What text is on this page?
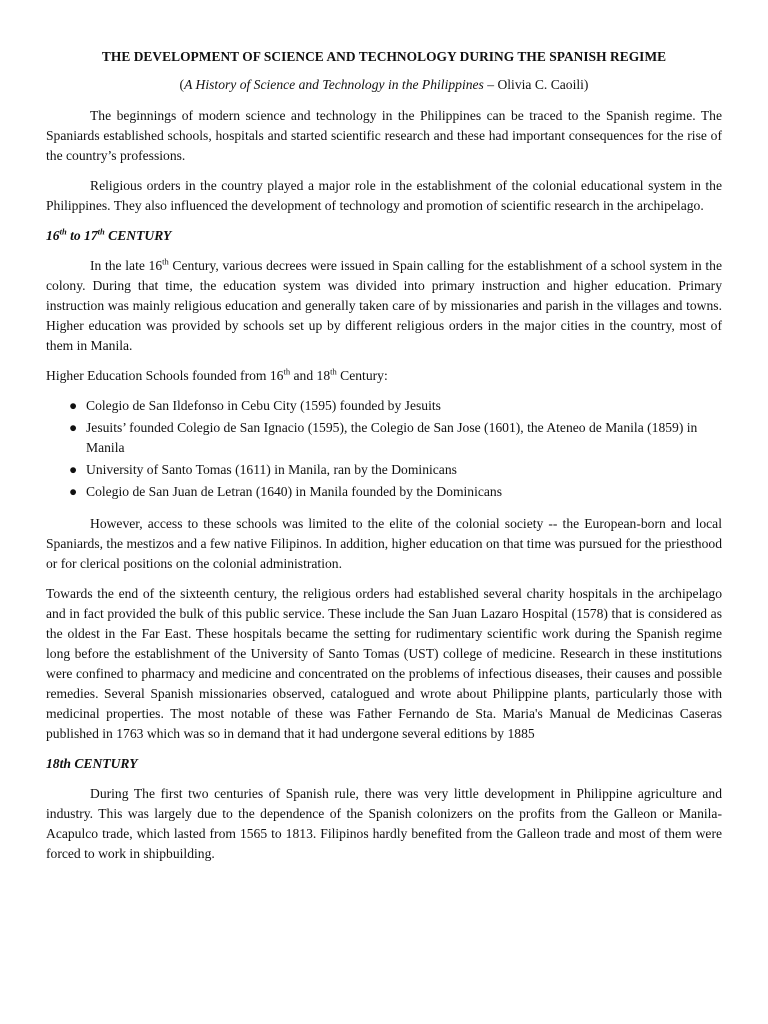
THE DEVELOPMENT OF SCIENCE AND TECHNOLOGY DURING THE SPANISH REGIME
(A History of Science and Technology in the Philippines – Olivia C. Caoili)

The beginnings of modern science and technology in the Philippines can be traced to the Spanish regime. The Spaniards established schools, hospitals and started scientific research and these had important consequences for the rise of the country’s professions.

Religious orders in the country played a major role in the establishment of the colonial educational system in the Philippines. They also influenced the development of technology and promotion of scientific research in the archipelago.

16th to 17th CENTURY

In the late 16th Century, various decrees were issued in Spain calling for the establishment of a school system in the colony. During that time, the education system was divided into primary instruction and higher education. Primary instruction was mainly religious education and generally taken care of by missionaries and parish in the villages and towns. Higher education was provided by schools set up by different religious orders in the major cities in the country, most of them in Manila.

Higher Education Schools founded from 16th and 18th Century:

● Colegio de San Ildefonso in Cebu City (1595) founded by Jesuits
● Jesuits’ founded Colegio de San Ignacio (1595), the Colegio de San Jose (1601), the Ateneo de Manila (1859) in Manila
● University of Santo Tomas (1611) in Manila, ran by the Dominicans
● Colegio de San Juan de Letran (1640) in Manila founded by the Dominicans

However, access to these schools was limited to the elite of the colonial society -- the European-born and local Spaniards, the mestizos and a few native Filipinos. In addition, higher education on that time was pursued for the priesthood or for clerical positions on the colonial administration.

Towards the end of the sixteenth century, the religious orders had established several charity hospitals in the archipelago and in fact provided the bulk of this public service. These include the San Juan Lazaro Hospital (1578) that is considered as the oldest in the Far East. These hospitals became the setting for rudimentary scientific work during the Spanish regime long before the establishment of the University of Santo Tomas (UST) college of medicine. Research in these institutions were confined to pharmacy and medicine and concentrated on the problems of infectious diseases, their causes and possible remedies. Several Spanish missionaries observed, catalogued and wrote about Philippine plants, particularly those with medicinal properties. The most notable of these was Father Fernando de Sta. Maria's Manual de Medicinas Caseras published in 1763 which was so in demand that it had undergone several editions by 1885

18th CENTURY

During The first two centuries of Spanish rule, there was very little development in Philippine agriculture and industry. This was largely due to the dependence of the Spanish colonizers on the profits from the Galleon or Manila-Acapulco trade, which lasted from 1565 to 1813. Filipinos hardly benefited from the Galleon trade and most of them were forced to work in shipbuilding.
